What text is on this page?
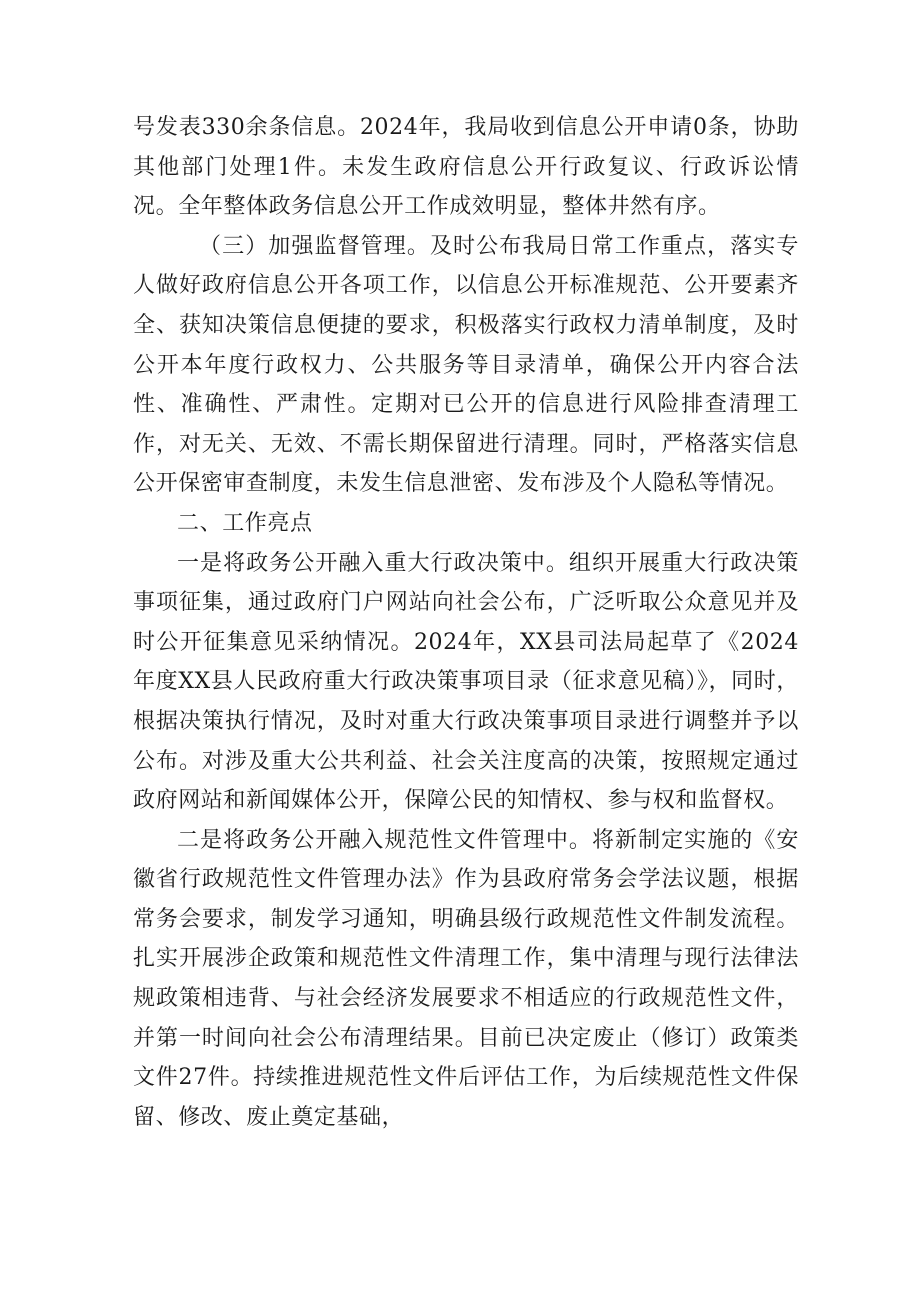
号发表330余条信息。2024年，我局收到信息公开申请0条，协助其他部门处理1件。未发生政府信息公开行政复议、行政诉讼情况。全年整体政务信息公开工作成效明显，整体井然有序。

（三）加强监督管理。及时公布我局日常工作重点，落实专人做好政府信息公开各项工作，以信息公开标准规范、公开要素齐全、获知决策信息便捷的要求，积极落实行政权力清单制度，及时公开本年度行政权力、公共服务等目录清单，确保公开内容合法性、准确性、严肃性。定期对已公开的信息进行风险排查清理工作，对无关、无效、不需长期保留进行清理。同时，严格落实信息公开保密审查制度，未发生信息泄密、发布涉及个人隐私等情况。

二、工作亮点

一是将政务公开融入重大行政决策中。组织开展重大行政决策事项征集，通过政府门户网站向社会公布，广泛听取公众意见并及时公开征集意见采纳情况。2024年，XX县司法局起草了《2024年度XX县人民政府重大行政决策事项目录（征求意见稿）》，同时，根据决策执行情况，及时对重大行政决策事项目录进行调整并予以公布。对涉及重大公共利益、社会关注度高的决策，按照规定通过政府网站和新闻媒体公开，保障公民的知情权、参与权和监督权。

二是将政务公开融入规范性文件管理中。将新制定实施的《安徽省行政规范性文件管理办法》作为县政府常务会学法议题，根据常务会要求，制发学习通知，明确县级行政规范性文件制发流程。扎实开展涉企政策和规范性文件清理工作，集中清理与现行法律法规政策相违背、与社会经济发展要求不相适应的行政规范性文件，并第一时间向社会公布清理结果。目前已决定废止（修订）政策类文件27件。持续推进规范性文件后评估工作，为后续规范性文件保留、修改、废止奠定基础，
